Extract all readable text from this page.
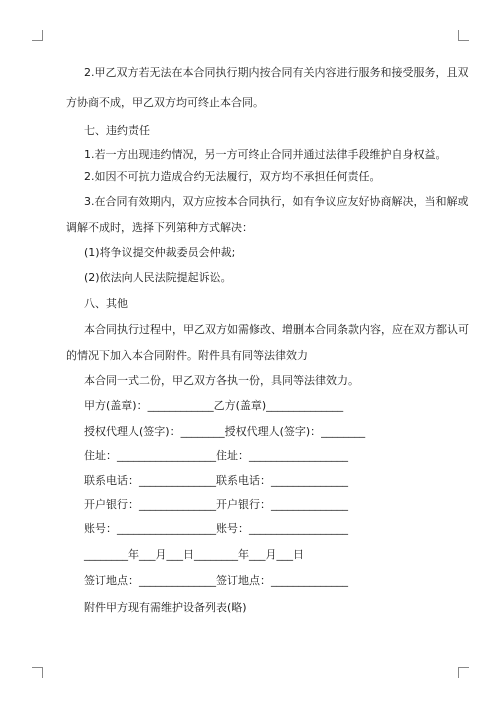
2.甲乙双方若无法在本合同执行期内按合同有关内容进行服务和接受服务，且双
方协商不成，甲乙双方均可终止本合同。
七、违约责任
1.若一方出现违约情况，另一方可终止合同并通过法律手段维护自身权益。
2.如因不可抗力造成合约无法履行，双方均不承担任何责任。
3.在合同有效期内，双方应按本合同执行，如有争议应友好协商解决，当和解或
调解不成时，选择下列第种方式解决：
(1)将争议提交仲裁委员会仲裁;
(2)依法向人民法院提起诉讼。
八、其他
本合同执行过程中，甲乙双方如需修改、增删本合同条款内容，应在双方都认可
的情况下加入本合同附件。附件具有同等法律效力
本合同一式二份，甲乙双方各执一份，具同等法律效力。
甲方(盖章)：____________乙方(盖章)______________
授权代理人(签字)：________授权代理人(签字)：________
住址：__________________住址：__________________
联系电话：______________联系电话：______________
开户银行：______________开户银行：______________
账号：__________________账号：__________________
________年___月___日________年___月___日
签订地点：______________签订地点：______________
附件甲方现有需维护设备列表(略)
